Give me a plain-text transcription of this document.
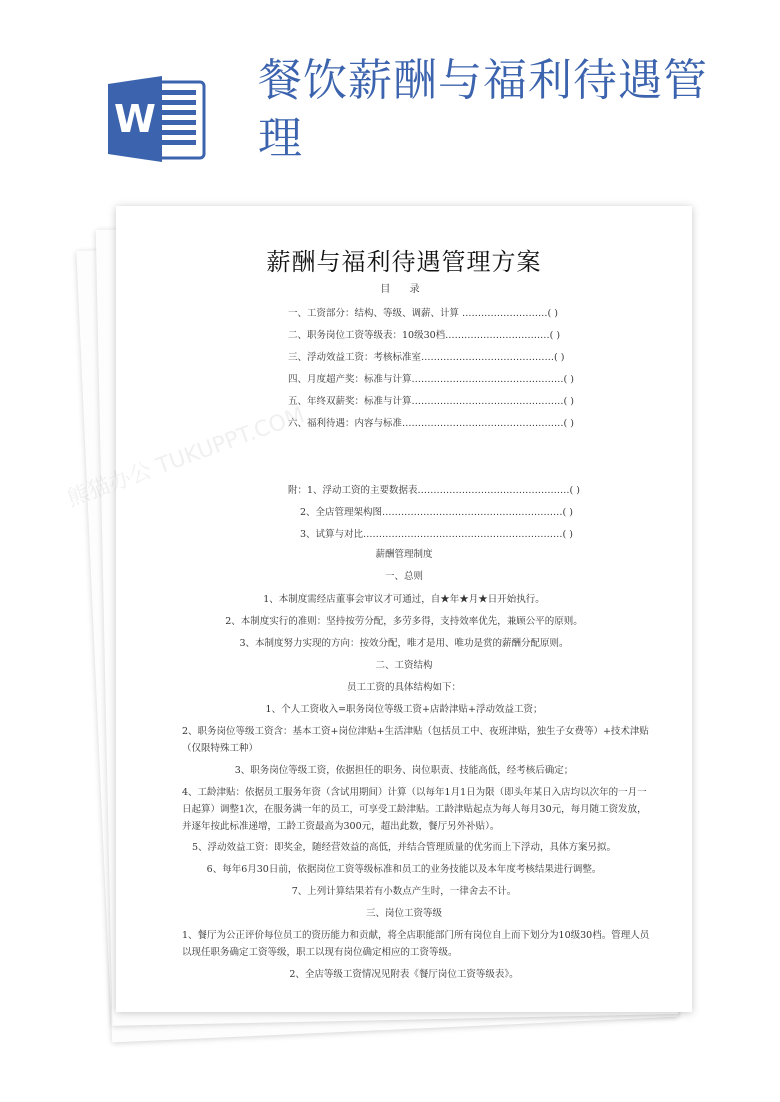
W
餐饮薪酬与福利待遇管理
薪酬与福利待遇管理方案
目 录
一、工资部分：结构、等级、调薪、计算 ………………………( )
二、职务岗位工资等级表：10级30档……………………………( )
三、浮动效益工资：考核标准室……………………………………( )
四、月度超产奖：标准与计算…………………………………………( )
五、年终双薪奖：标准与计算…………………………………………( )
六、福利待遇：内容与标准……………………………………………( )
附：1、浮动工资的主要数据表…………………………………………( )
2、全店管理架构图…………………………………………………( )
3、试算与对比………………………………………………………( )
薪酬管理制度
一、总则
1、本制度需经店董事会审议才可通过，自★年★月★日开始执行。
2、本制度实行的准则：坚持按劳分配，多劳多得，支持效率优先，兼顾公平的原则。
3、本制度努力实现的方向：按效分配，唯才是用、唯功是赏的薪酬分配原则。
二、工资结构
员工工资的具体结构如下：
1、个人工资收入=职务岗位等级工资+店龄津贴+浮动效益工资；
2、职务岗位等级工资含：基本工资+岗位津贴+生活津贴（包括员工中、夜班津贴，独生子女费等）+技术津贴（仅限特殊工种）
3、职务岗位等级工资，依据担任的职务、岗位职责、技能高低，经考核后确定；
4、工龄津贴：依据员工服务年资（含试用期间）计算（以每年1月1日为限（即头年某日入店均以次年的一月一日起算）调整1次，在服务满一年的员工，可享受工龄津贴。工龄津贴起点为每人每月30元，每月随工资发放，并逐年按此标准递增，工龄工资最高为300元，超出此数，餐厅另外补贴）。
5、浮动效益工资：即奖金，随经营效益的高低，并结合管理质量的优劣而上下浮动，具体方案另拟。
6、每年6月30日前，依据岗位工资等级标准和员工的业务技能以及本年度考核结果进行调整。
7、上列计算结果若有小数点产生时，一律舍去不计。
三、岗位工资等级
1、餐厅为公正评价每位员工的资历能力和贡献，将全店职能部门所有岗位自上而下划分为10级30档。管理人员以现任职务确定工资等级，职工以现有岗位确定相应的工资等级。
2、全店等级工资情况见附表《餐厅岗位工资等级表》。
